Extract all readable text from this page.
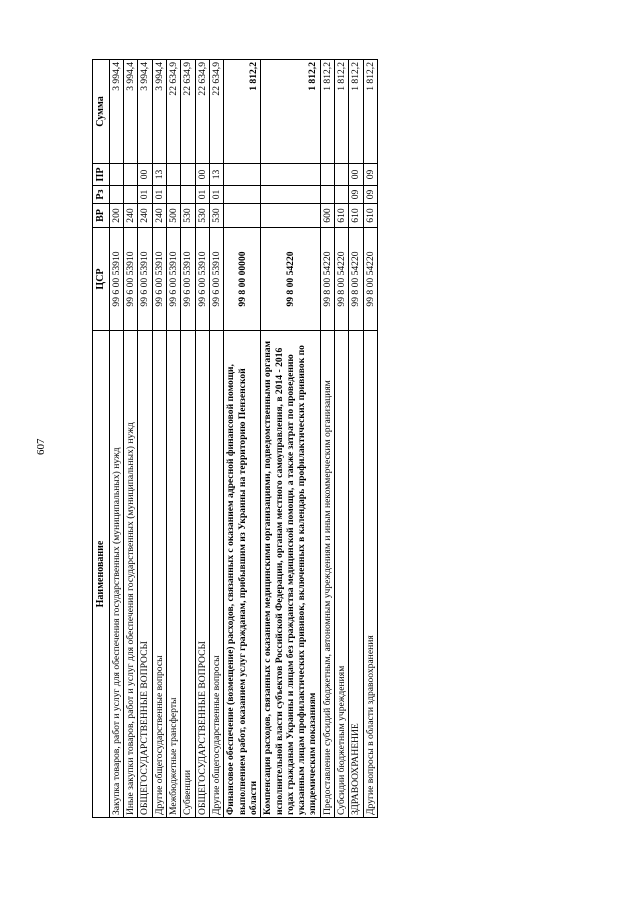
607
Наименование	ЦСР	ВР	Рз	ПР	Сумма
Закупка товаров, работ и услуг для обеспечения государственных (муниципальных) нужд	99 6 00 53910	200			3 994,4
Иные закупки товаров, работ и услуг для обеспечения государственных (муниципальных) нужд	99 6 00 53910	240			3 994,4
ОБЩЕГОСУДАРСТВЕННЫЕ ВОПРОСЫ	99 6 00 53910	240	01	00	3 994,4
Другие общегосударственные вопросы	99 6 00 53910	240	01	13	3 994,4
Межбюджетные трансферты	99 6 00 53910	500			22 634,9
Субвенции	99 6 00 53910	530			22 634,9
ОБЩЕГОСУДАРСТВЕННЫЕ ВОПРОСЫ	99 6 00 53910	530	01	00	22 634,9
Другие общегосударственные вопросы	99 6 00 53910	530	01	13	22 634,9
Финансовое обеспечение (возмещение) расходов, связанных с оказанием адресной финансовой помощи, выполнением работ, оказанием услуг гражданам, прибывшим из Украины на территорию Пензенской области	99 8 00 00000				1 812,2
Компенсация расходов, связанных с оказанием медицинскими организациями, подведомственными органам исполнительной власти субъектов Российской Федерации, органам местного самоуправления, в 2014 - 2016 годах гражданам Украины и лицам без гражданства медицинской помощи, а также затрат по проведению указанным лицам профилактических прививок, включенных в календарь профилактических прививок по эпидемическим показаниям	99 8 00 54220				1 812,2
Предоставление субсидий бюджетным, автономным учреждениям и иным некоммерческим организациям	99 8 00 54220	600			1 812,2
Субсидии бюджетным учреждениям	99 8 00 54220	610			1 812,2
ЗДРАВООХРАНЕНИЕ	99 8 00 54220	610	09	00	1 812,2
Другие вопросы в области здравоохранения	99 8 00 54220	610	09	09	1 812,2
